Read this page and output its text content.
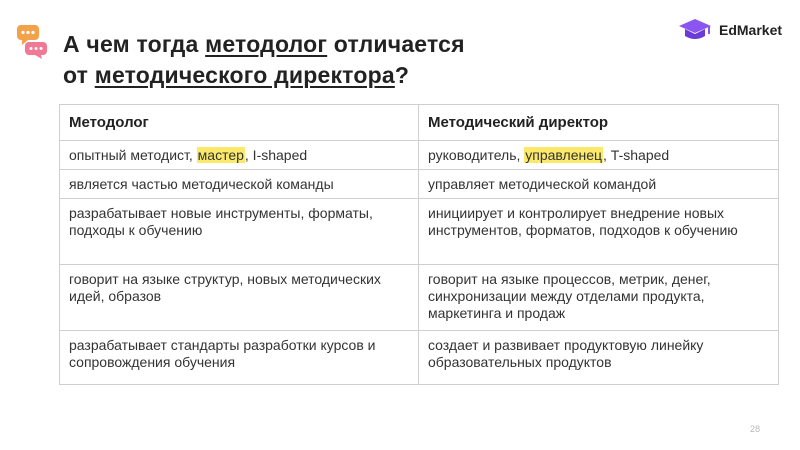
А чем тогда методолог отличается
от методического директора?
EdMarket
Методолог	Методический директор
опытный методист, мастер, I-shaped	руководитель, управленец, T-shaped
является частью методической команды	управляет методической командой
разрабатывает новые инструменты, форматы, подходы к обучению	инициирует и контролирует внедрение новых инструментов, форматов, подходов к обучению
говорит на языке структур, новых методических идей, образов	говорит на языке процессов, метрик, денег, синхронизации между отделами продукта, маркетинга и продаж
разрабатывает стандарты разработки курсов и сопровождения обучения	создает и развивает продуктовую линейку образовательных продуктов
28
